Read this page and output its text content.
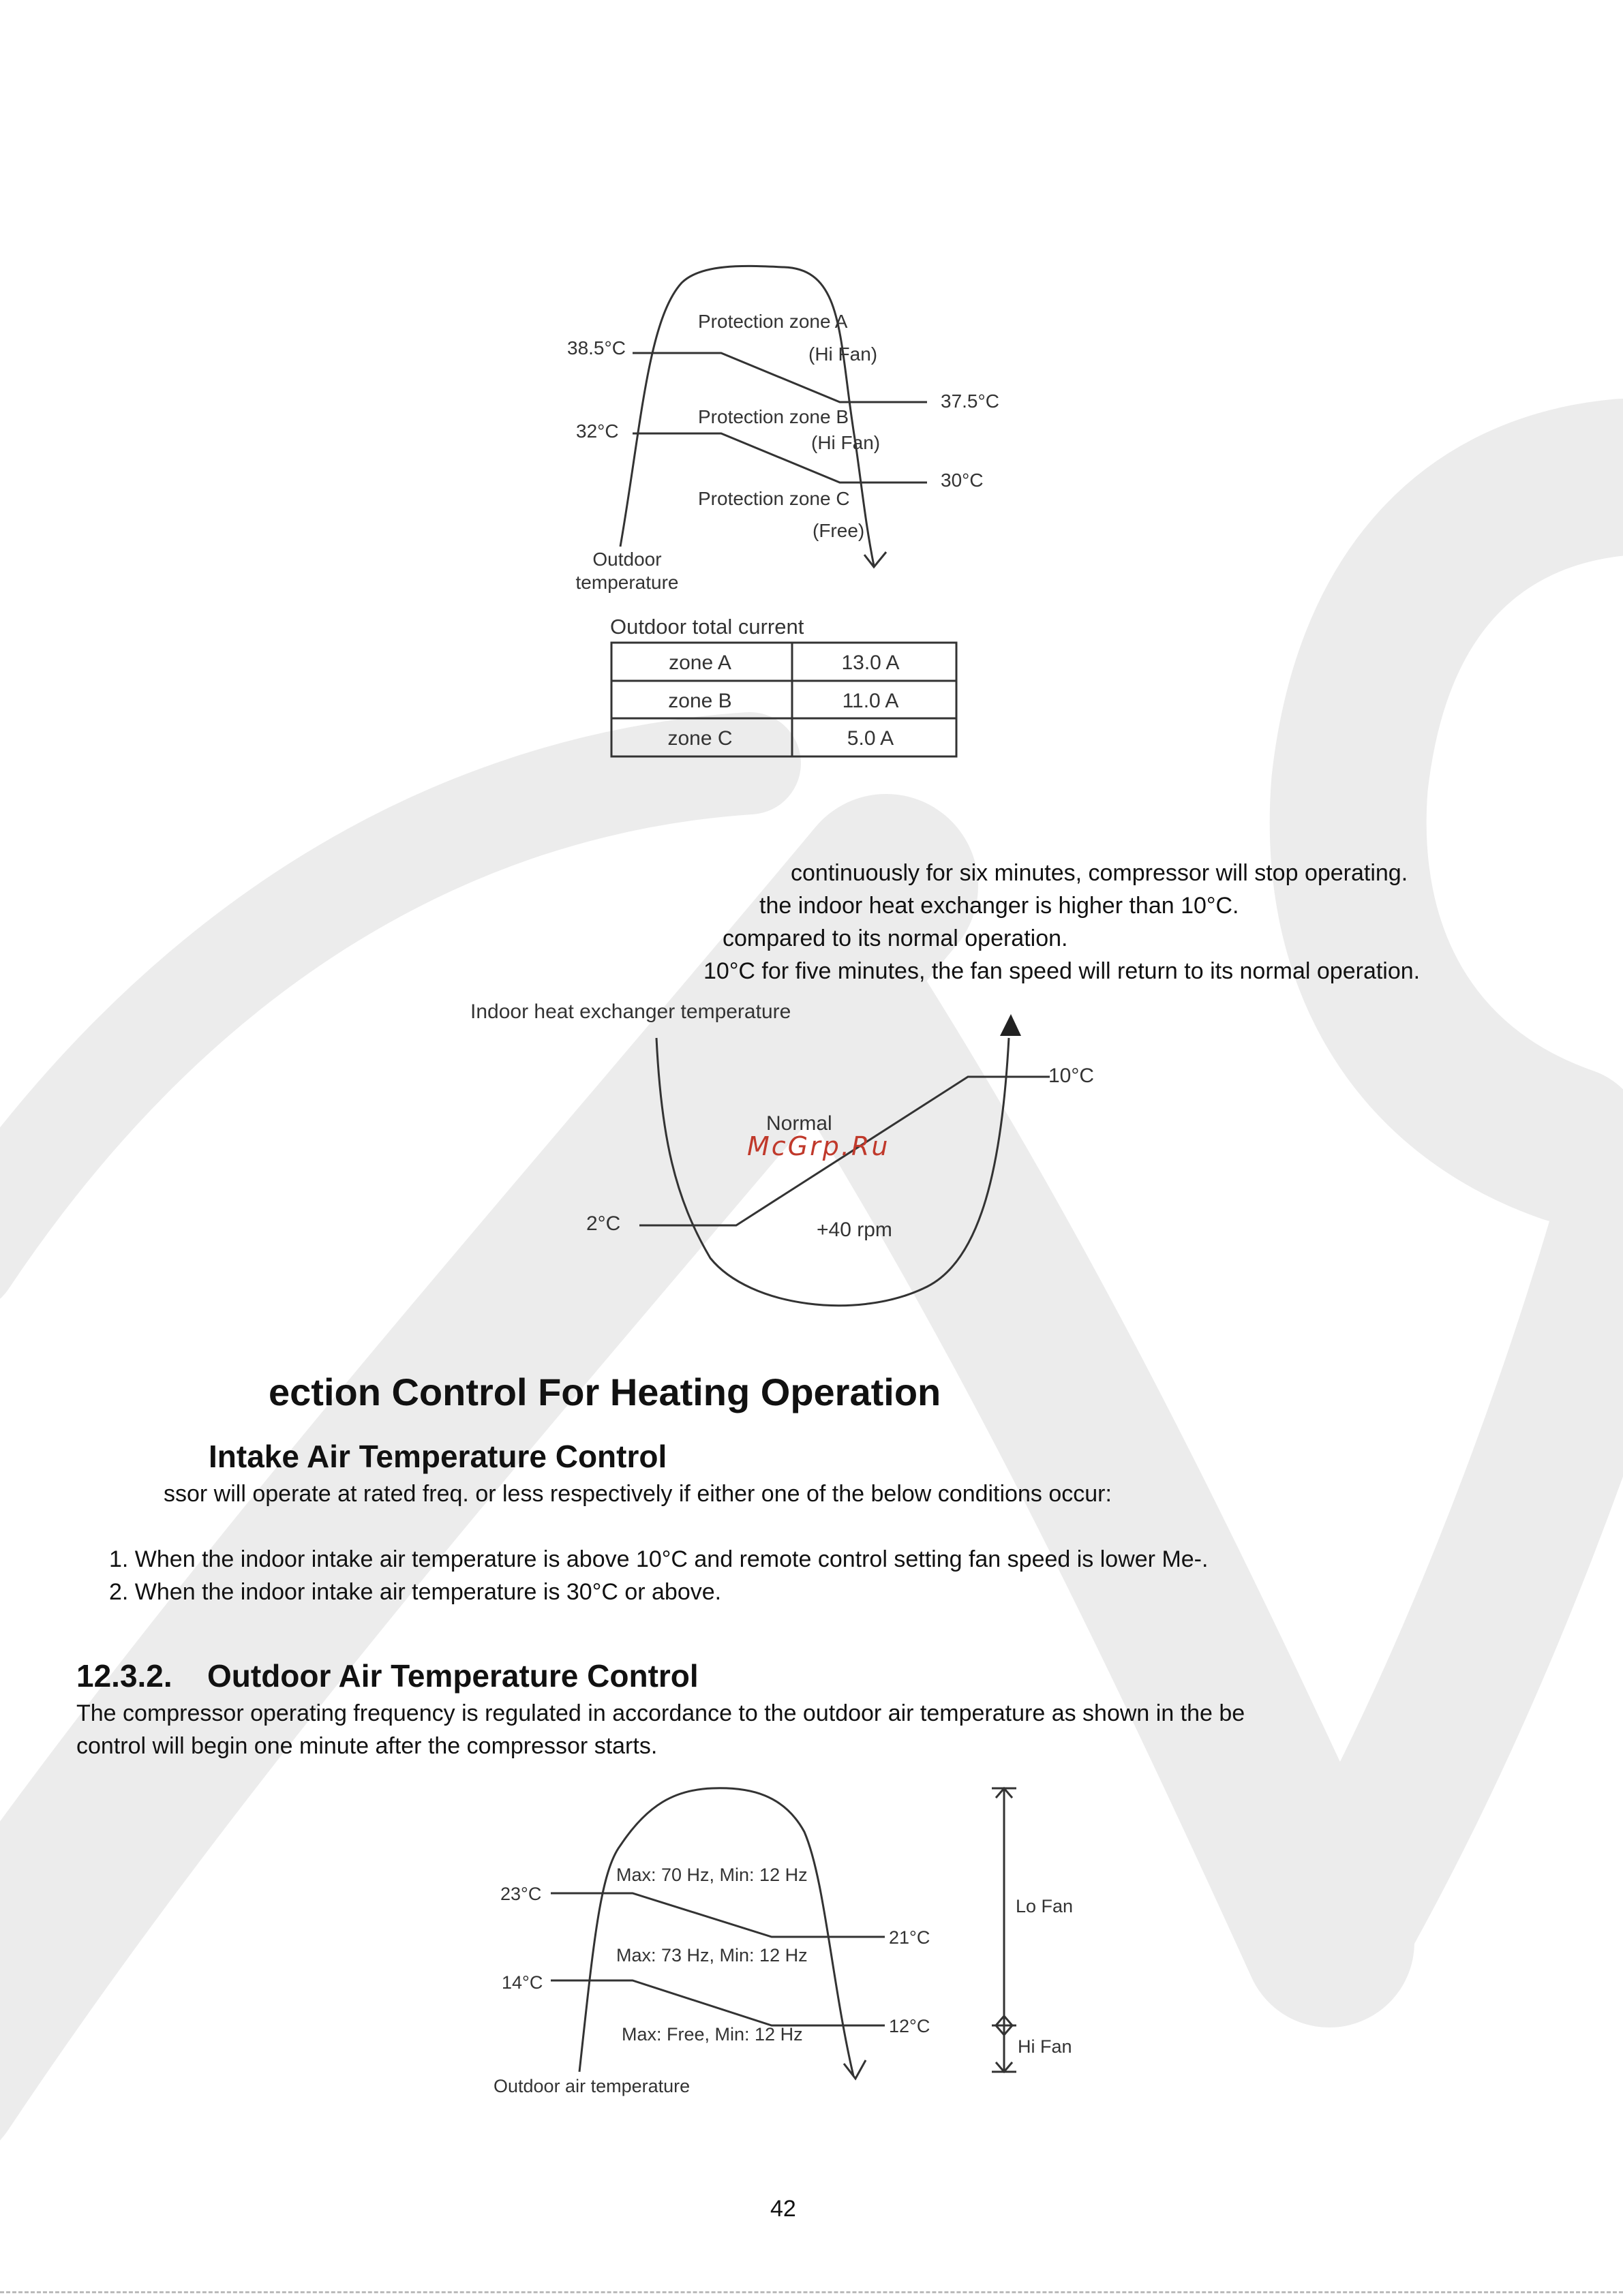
38.5°C
37.5°C
32°C
30°C
Protection zone A
(Hi Fan)
Protection zone B
(Hi Fan)
Protection zone C
(Free)
Outdoor
temperature
Outdoor total current
zone A	13.0 A
zone B	11.0 A
zone C	5.0 A
continuously for six minutes, compressor will stop operating.
the indoor heat exchanger is higher than 10°C.
compared to its normal operation.
10°C for five minutes, the fan speed will return to its normal operation.
Indoor heat exchanger temperature
10°C
Normal
2°C	+40 rpm
McGrp.Ru
ection Control For Heating Operation
Intake Air Temperature Control
ssor will operate at rated freq. or less respectively if either one of the below conditions occur:
1. When the indoor intake air temperature is above 10°C and remote control setting fan speed is lower Me-.
2. When the indoor intake air temperature is 30°C or above.
12.3.2. Outdoor Air Temperature Control
The compressor operating frequency is regulated in accordance to the outdoor air temperature as shown in the be
control will begin one minute after the compressor starts.
Max: 70 Hz, Min: 12 Hz
Max: 73 Hz, Min: 12 Hz
Max: Free, Min: 12 Hz
23°C
21°C
14°C
12°C
Outdoor air temperature
Lo Fan
Hi Fan
42
